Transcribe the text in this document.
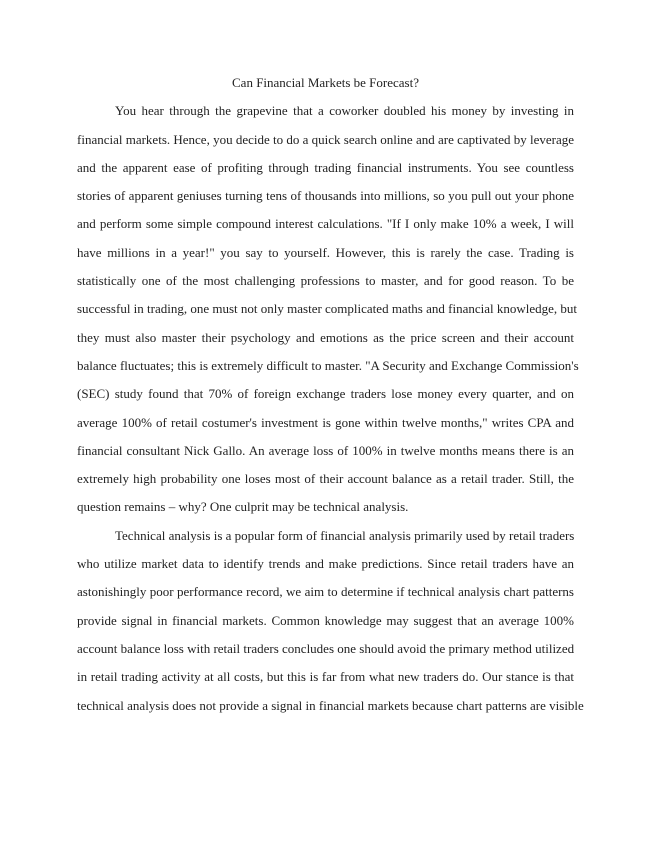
Can Financial Markets be Forecast?
You hear through the grapevine that a coworker doubled his money by investing in
financial markets. Hence, you decide to do a quick search online and are captivated by leverage
and the apparent ease of profiting through trading financial instruments. You see countless
stories of apparent geniuses turning tens of thousands into millions, so you pull out your phone
and perform some simple compound interest calculations. "If I only make 10% a week, I will
have millions in a year!" you say to yourself. However, this is rarely the case. Trading is
statistically one of the most challenging professions to master, and for good reason. To be
successful in trading, one must not only master complicated maths and financial knowledge, but
they must also master their psychology and emotions as the price screen and their account
balance fluctuates; this is extremely difficult to master. "A Security and Exchange Commission's
(SEC) study found that 70% of foreign exchange traders lose money every quarter, and on
average 100% of retail costumer's investment is gone within twelve months," writes CPA and
financial consultant Nick Gallo. An average loss of 100% in twelve months means there is an
extremely high probability one loses most of their account balance as a retail trader. Still, the
question remains – why? One culprit may be technical analysis.
Technical analysis is a popular form of financial analysis primarily used by retail traders
who utilize market data to identify trends and make predictions. Since retail traders have an
astonishingly poor performance record, we aim to determine if technical analysis chart patterns
provide signal in financial markets. Common knowledge may suggest that an average 100%
account balance loss with retail traders concludes one should avoid the primary method utilized
in retail trading activity at all costs, but this is far from what new traders do. Our stance is that
technical analysis does not provide a signal in financial markets because chart patterns are visible
